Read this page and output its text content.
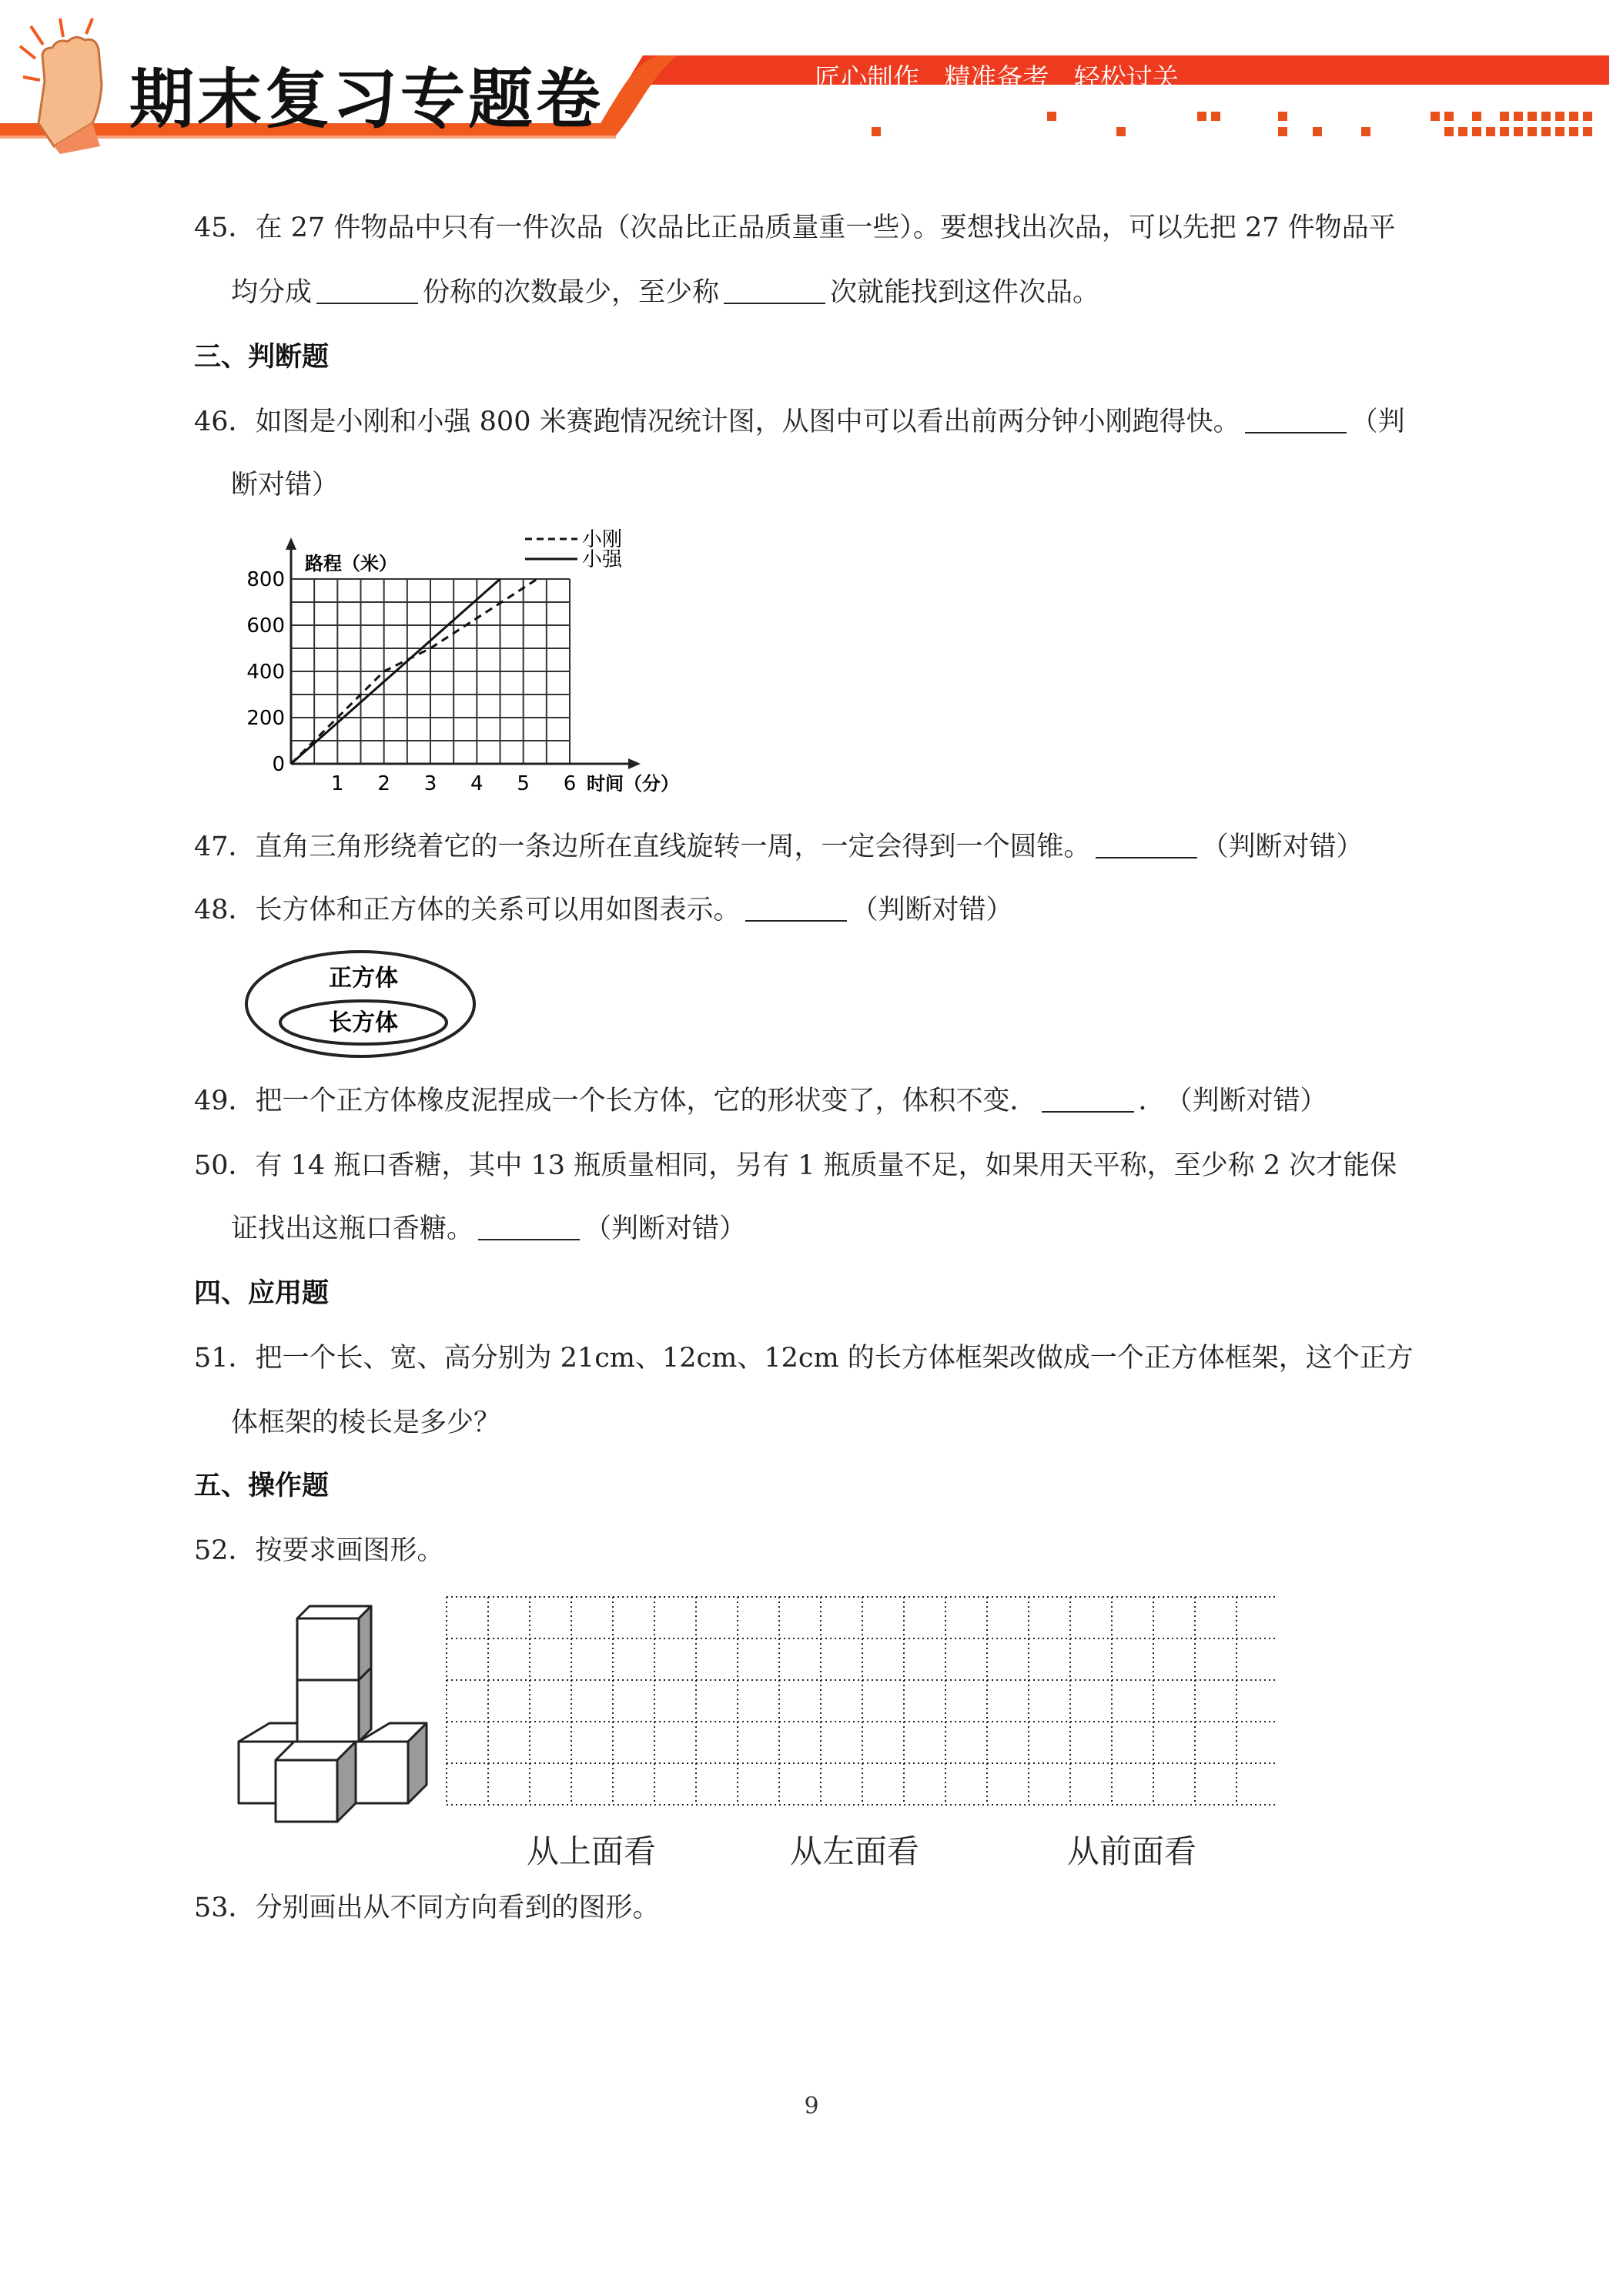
期末复习专题卷	匠心制作   精准备考   轻松过关
45．在 27 件物品中只有一件次品（次品比正品质量重一些）。要想找出次品，可以先把 27 件物品平
均分成	份称的次数最少，至少称	次就能找到这件次品。
三、判断题
46．如图是小刚和小强 800 米赛跑情况统计图，从图中可以看出前两分钟小刚跑得快。	（判
断对错）
1 2 3 4 5 6
0
200
400
600
800
路程（米）
时间（分）
小刚
小强
47．直角三角形绕着它的一条边所在直线旋转一周，一定会得到一个圆锥。	（判断对错）
48．长方体和正方体的关系可以用如图表示。	（判断对错）
正方体
长方体
49．把一个正方体橡皮泥捏成一个长方体，它的形状变了，体积不变．	．　（判断对错）
50．有 14 瓶口香糖，其中 13 瓶质量相同，另有 1 瓶质量不足，如果用天平称，至少称 2 次才能保
证找出这瓶口香糖。	（判断对错）
四、应用题
51．把一个长、宽、高分别为 21cm、12cm、12cm 的长方体框架改做成一个正方体框架，这个正方
体框架的棱长是多少？
五、操作题
52．按要求画图形。
从上面看	从左面看	从前面看
53．分别画出从不同方向看到的图形。
9
